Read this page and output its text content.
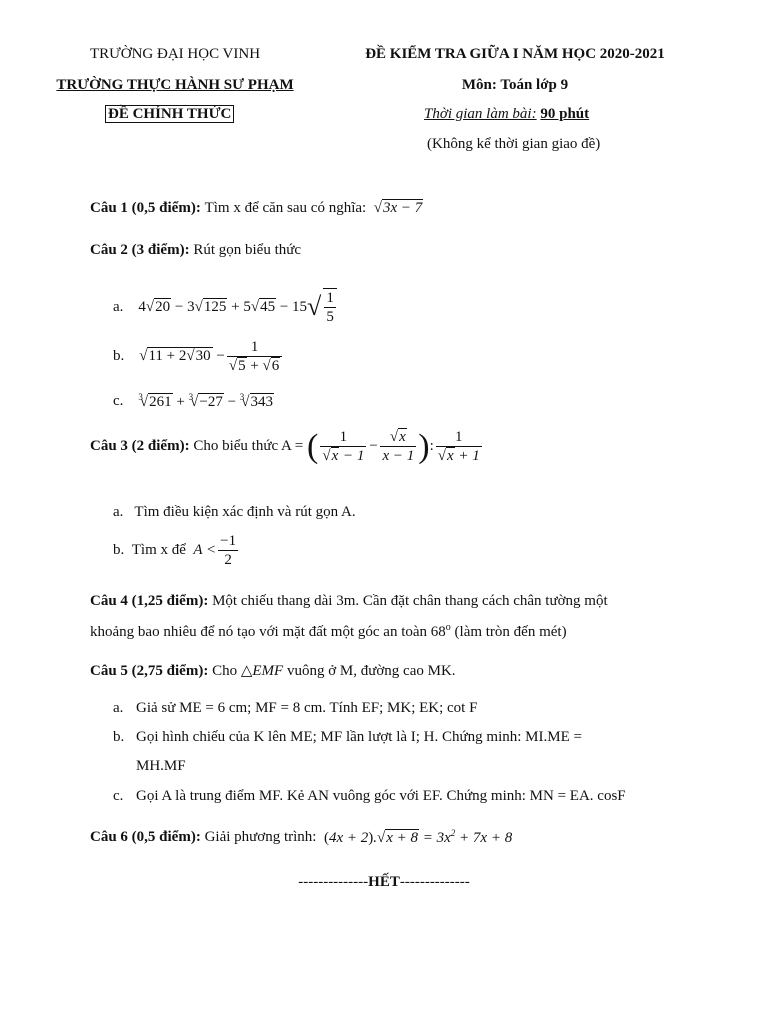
TRƯỜNG ĐẠI HỌC VINH
TRƯỜNG THỰC HÀNH SƯ PHẠM
ĐỀ CHÍNH THỨC
ĐỀ KIỂM TRA GIỮA I NĂM HỌC 2020-2021
Môn: Toán lớp 9
Thời gian làm bài: 90 phút
(Không kể thời gian giao đề)
Câu 1 (0,5 điểm):
Tìm x để căn sau có nghĩa:
	√ 3x − 7
Câu 2 (3 điểm): Rút gọn biểu thức
a.
4 √ 20 − 3 √ 125 + 5 √ 45 − 15 √ $\frac{1}{5}$
b.
	√ 11 + 2 √ 30 − 1
√ 5 + √ 6
c.
$^3$ √ 261 + $^3$ √ −27 − $^3$ √ 343
Câu 3 (2 điểm):
Cho biểu thức A =
( 1
√ x − 1 − √ $\frac{x}{x - 1}$ ) : 1
√ x + 1
a. Tìm điều kiện xác định và rút gọn A.
b.
Tìm x để
$A < \frac{-1}{2}$
Câu 4 (1,25 điểm): Một chiếu thang dài 3m. Cần đặt chân thang cách chân tường một
khoảng bao nhiêu để nó tạo với mặt đất một góc an toàn 68$^o$ (làm tròn đến mét)
Câu 5 (2,75 điểm): Cho △EMF vuông ở M, đường cao MK.
a. Giả sử ME = 6 cm; MF = 8 cm. Tính EF; MK; EK; cot F
b. Gọi hình chiếu của K lên ME; MF lần lượt là I; H. Chứng minh: MI.ME =
MH.MF
c. Gọi A là trung điểm MF. Kẻ AN vuông góc với EF. Chứng minh: MN = EA. cosF
Câu 6 (0,5 điểm):
Giải phương trình:
(4x + 2). √ $x + 8 = 3x^2 + 7x + 8$
--------------HẾT--------------
